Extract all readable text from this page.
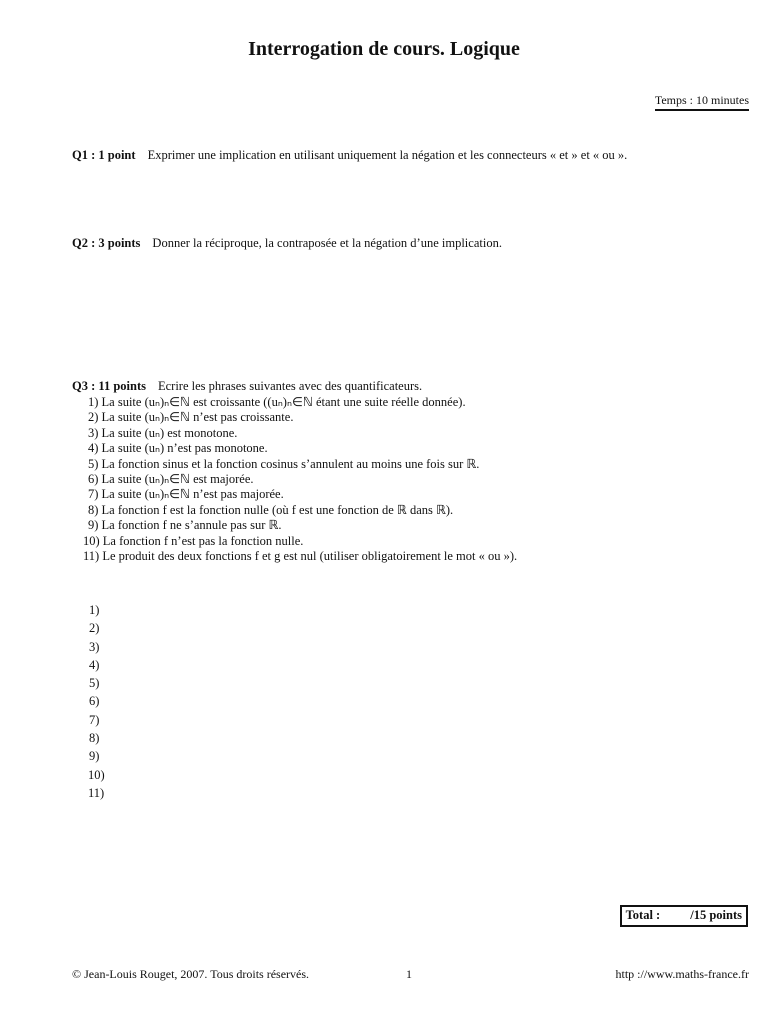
Interrogation de cours. Logique
Temps : 10 minutes
Q1 : 1 point Exprimer une implication en utilisant uniquement la négation et les connecteurs « et » et « ou ».
Q2 : 3 points Donner la réciproque, la contraposée et la négation d’une implication.
Q3 : 11 points Ecrire les phrases suivantes avec des quantificateurs.
1) La suite (uₙ)ₙ∈ℕ est croissante ((uₙ)ₙ∈ℕ étant une suite réelle donnée).
2) La suite (uₙ)ₙ∈ℕ n’est pas croissante.
3) La suite (uₙ) est monotone.
4) La suite (uₙ) n’est pas monotone.
5) La fonction sinus et la fonction cosinus s’annulent au moins une fois sur ℝ.
6) La suite (uₙ)ₙ∈ℕ est majorée.
7) La suite (uₙ)ₙ∈ℕ n’est pas majorée.
8) La fonction f est la fonction nulle (où f est une fonction de ℝ dans ℝ).
9) La fonction f ne s’annule pas sur ℝ.
10) La fonction f n’est pas la fonction nulle.
11) Le produit des deux fonctions f et g est nul (utiliser obligatoirement le mot « ou »).
1)
2)
3)
4)
5)
6)
7)
8)
9)
10)
11)
Total : /15 points
© Jean-Louis Rouget, 2007. Tous droits réservés.	1	http ://www.maths-france.fr
